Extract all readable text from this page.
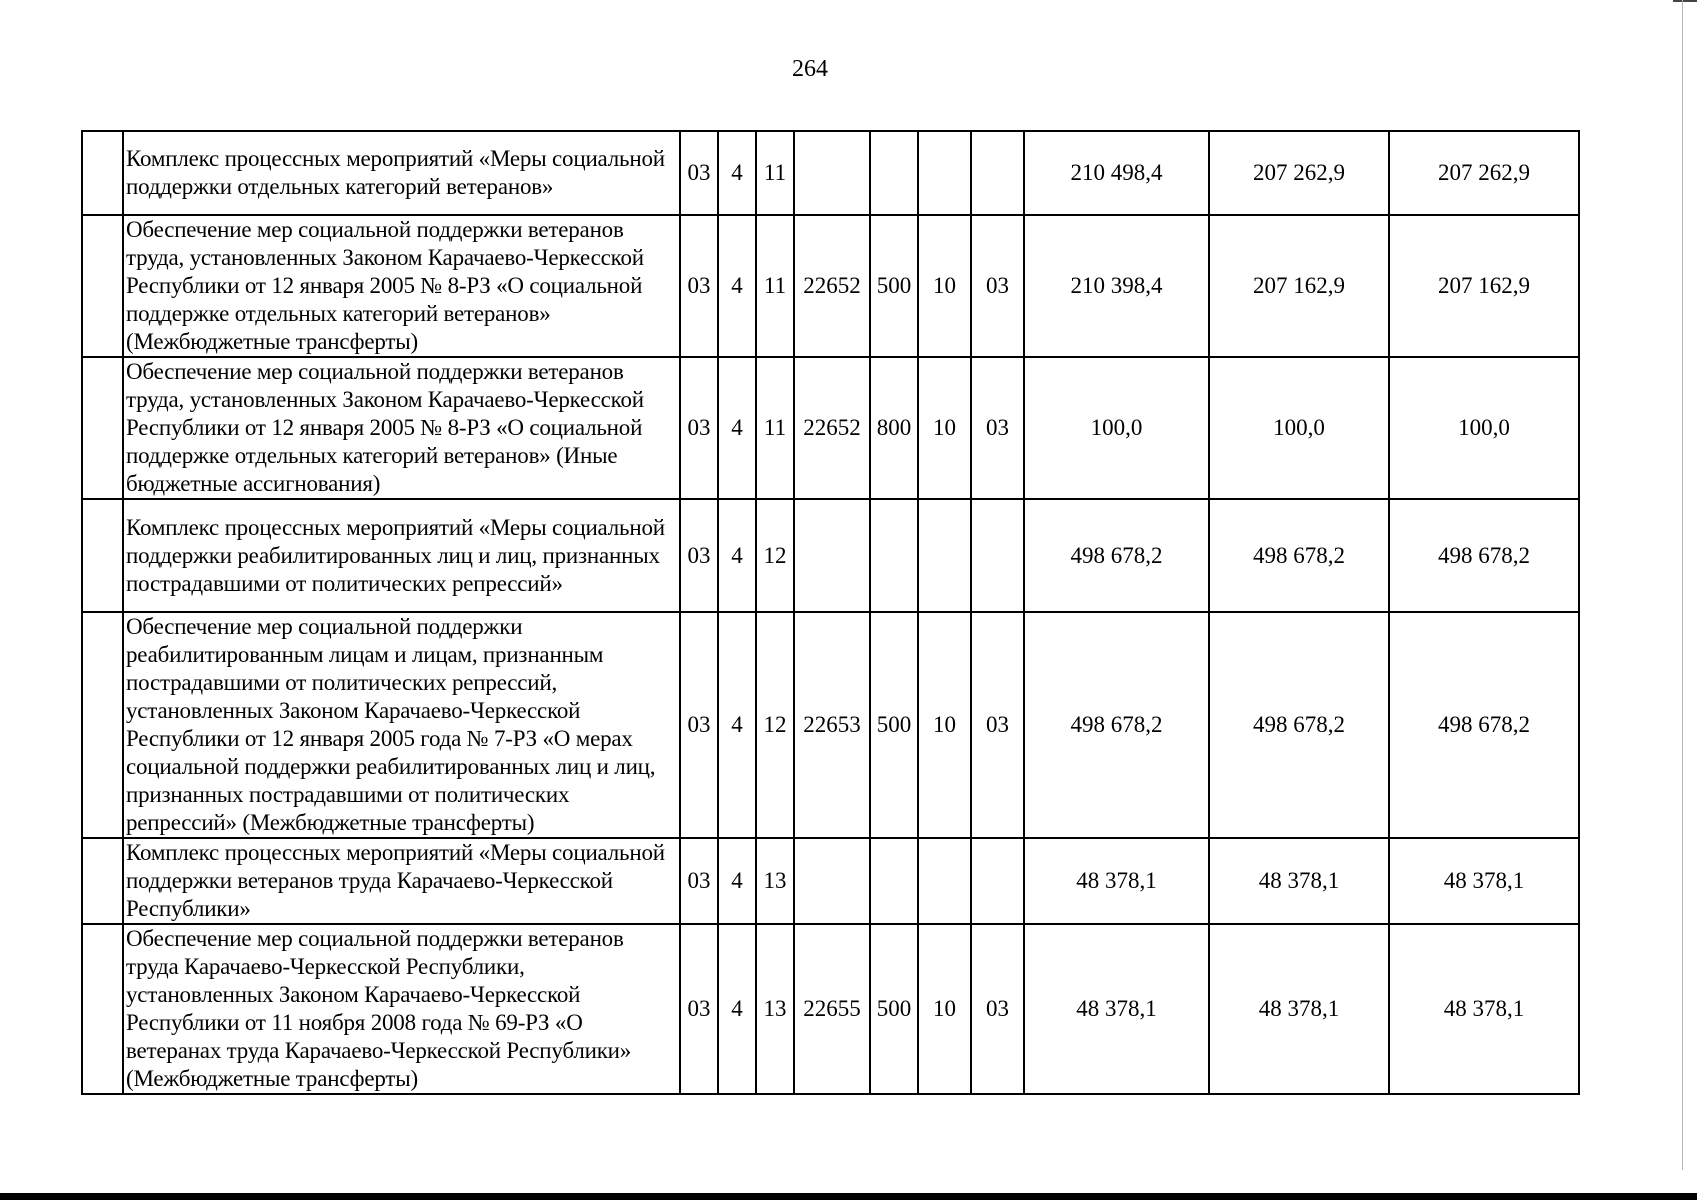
264
	Комплекс процессных мероприятий «Меры социальной поддержки отдельных категорий ветеранов»	03	4	11					210 498,4	207 262,9	207 262,9
	Обеспечение мер социальной поддержки ветеранов труда, установленных Законом Карачаево-Черкесской Республики от 12 января 2005 № 8-РЗ «О социальной поддержке отдельных категорий ветеранов» (Межбюджетные трансферты)	03	4	11	22652	500	10	03	210 398,4	207 162,9	207 162,9
	Обеспечение мер социальной поддержки ветеранов труда, установленных Законом Карачаево-Черкесской Республики от 12 января 2005 № 8-РЗ «О социальной поддержке отдельных категорий ветеранов» (Иные бюджетные ассигнования)	03	4	11	22652	800	10	03	100,0	100,0	100,0
	Комплекс процессных мероприятий «Меры социальной поддержки реабилитированных лиц и лиц, признанных пострадавшими от политических репрессий»	03	4	12					498 678,2	498 678,2	498 678,2
	Обеспечение мер социальной поддержки реабилитированным лицам и лицам, признанным пострадавшими от политических репрессий, установленных Законом Карачаево-Черкесской Республики от 12 января 2005 года № 7-РЗ «О мерах социальной поддержки реабилитированных лиц и лиц, признанных пострадавшими от политических репрессий» (Межбюджетные трансферты)	03	4	12	22653	500	10	03	498 678,2	498 678,2	498 678,2
	Комплекс процессных мероприятий «Меры социальной поддержки ветеранов труда Карачаево-Черкесской Республики»	03	4	13					48 378,1	48 378,1	48 378,1
	Обеспечение мер социальной поддержки ветеранов труда Карачаево-Черкесской Республики, установленных Законом Карачаево-Черкесской Республики от 11 ноября 2008 года № 69-РЗ «О ветеранах труда Карачаево-Черкесской Республики» (Межбюджетные трансферты)	03	4	13	22655	500	10	03	48 378,1	48 378,1	48 378,1
